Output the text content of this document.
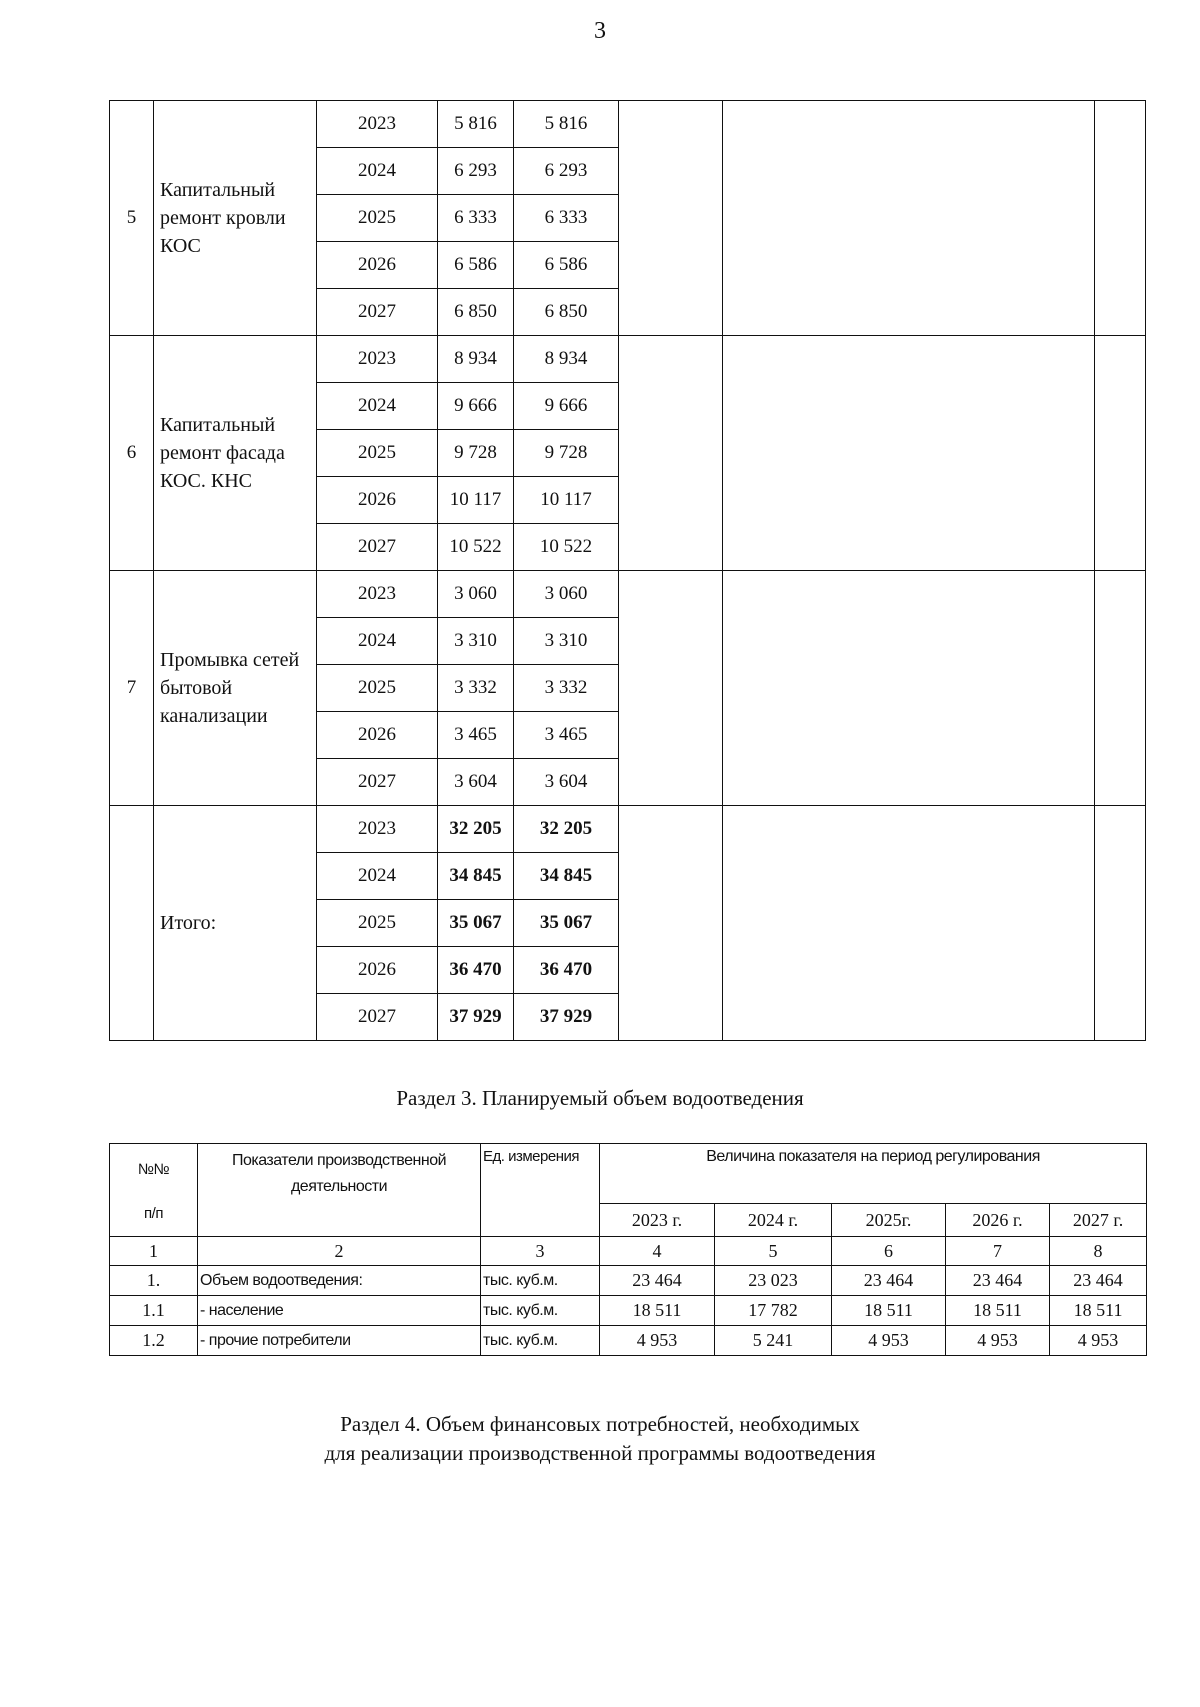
3
5	Капитальный ремонт кровли КОС	2023	5 816	5 816			
		2024	6 293	6 293			
		2025	6 333	6 333			
		2026	6 586	6 586			
		2027	6 850	6 850			
6	Капитальный ремонт фасада КОС. КНС	2023	8 934	8 934			
		2024	9 666	9 666			
		2025	9 728	9 728			
		2026	10 117	10 117			
		2027	10 522	10 522			
7	Промывка сетей бытовой канализации	2023	3 060	3 060			
		2024	3 310	3 310			
		2025	3 332	3 332			
		2026	3 465	3 465			
		2027	3 604	3 604			
	Итого:	2023	32 205	32 205			
		2024	34 845	34 845			
		2025	35 067	35 067			
		2026	36 470	36 470			
		2027	37 929	37 929			
Раздел 3. Планируемый объем водоотведения
№№ п/п	Показатели производственной деятельности	Ед. измерения	Величина показателя на период регулирования				
			2023 г.	2024 г.	2025г.	2026 г.	2027 г.
1	2	3	4	5	6	7	8
1.	Объем водоотведения:	тыс. куб.м.	23 464	23 023	23 464	23 464	23 464
1.1	- население	тыс. куб.м.	18 511	17 782	18 511	18 511	18 511
1.2	- прочие потребители	тыс. куб.м.	4 953	5 241	4 953	4 953	4 953
Раздел 4. Объем финансовых потребностей, необходимых
для реализации производственной программы водоотведения
